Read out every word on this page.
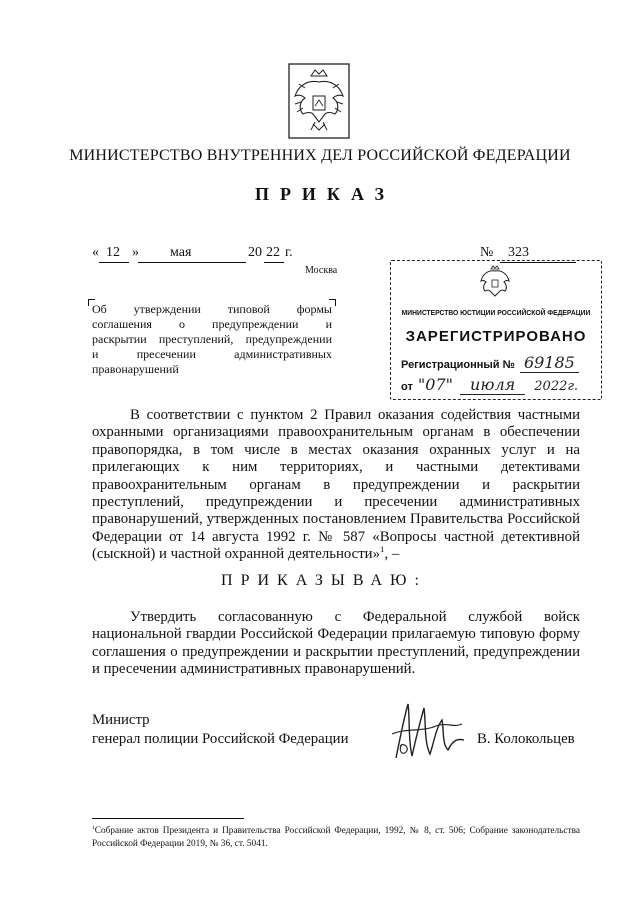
МИНИСТЕРСТВО ВНУТРЕННИХ ДЕЛ РОССИЙСКОЙ ФЕДЕРАЦИИ
ПРИКАЗ
« 12 » мая	20 22 г.	№ 323
Москва

Об утверждении типовой формы

соглашения о предупреждении и

раскрытии преступлений, предупреждении

и пресечении административных

правонарушений

МИНИСТЕРСТВО ЮСТИЦИИ РОССИЙСКОЙ ФЕДЕРАЦИИ
ЗАРЕГИСТРИРОВАНО
Регистрационный № 69185
от "07" июля 2022г.

В соответствии с пунктом 2 Правил оказания содействия частными охранными организациями правоохранительным органам в обеспечении правопорядка, в том числе в местах оказания охранных услуг и на прилегающих к ним территориях, и частными детективами правоохранительным органам в предупреждении и раскрытии преступлений, предупреждении и пресечении административных правонарушений, утвержденных постановлением Правительства Российской Федерации от 14 августа 1992 г. № 587 «Вопросы частной детективной (сыскной) и частной охранной деятельности»$^1$, –

ПРИКАЗЫВАЮ:

Утвердить согласованную с Федеральной службой войск национальной гвардии Российской Федерации прилагаемую типовую форму соглашения о предупреждении и раскрытии преступлений, предупреждении и пресечении административных правонарушений.

Министр
генерал полиции Российской Федерации	В. Колокольцев

$^1$Собрание актов Президента и Правительства Российской Федерации, 1992, № 8, ст. 506; Собрание законодательства Российской Федерации 2019, № 36, ст. 5041.
